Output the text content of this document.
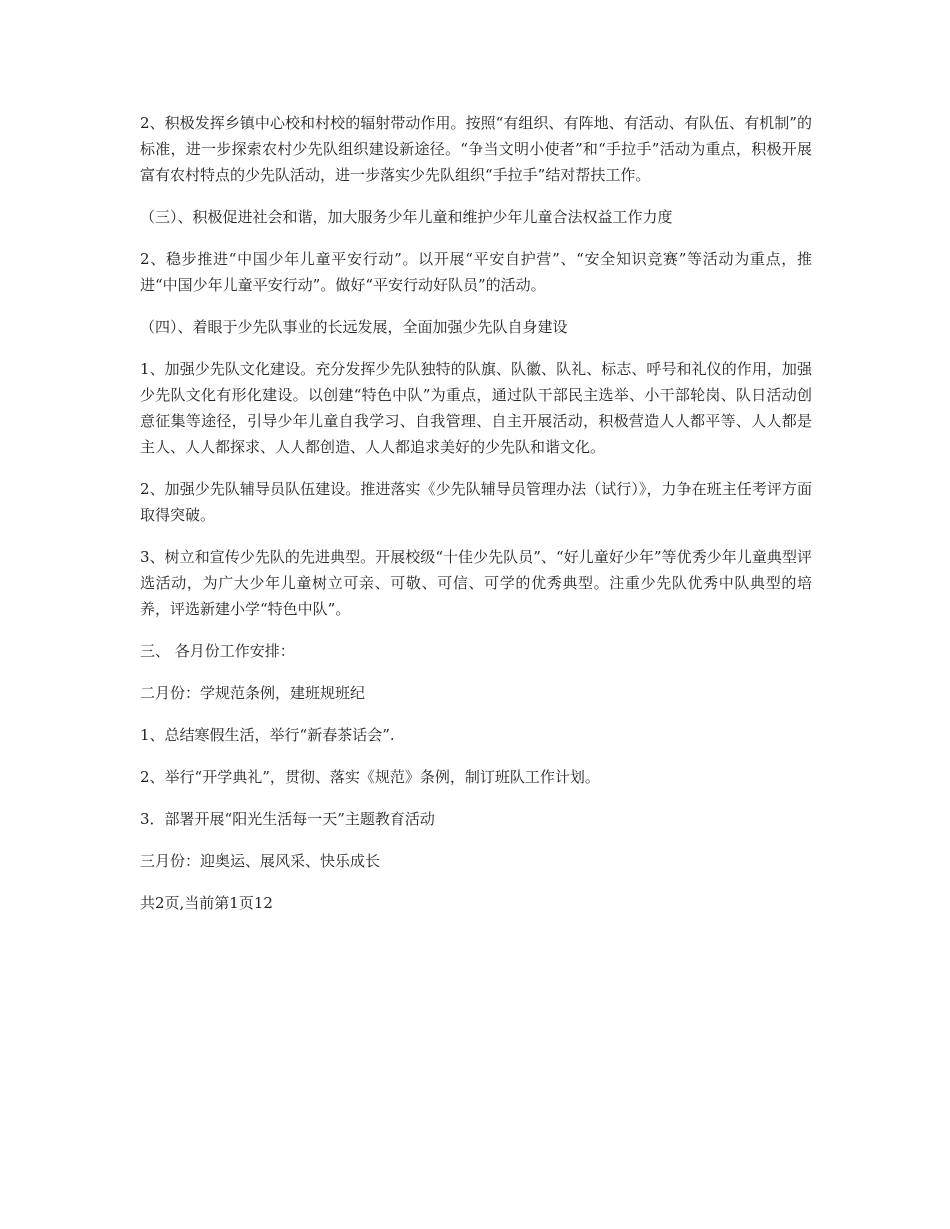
2、积极发挥乡镇中心校和村校的辐射带动作用。按照“有组织、有阵地、有活动、有队伍、有机制”的标准，进一步探索农村少先队组织建设新途径。“争当文明小使者”和“手拉手”活动为重点，积极开展富有农村特点的少先队活动，进一步落实少先队组织“手拉手”结对帮扶工作。

（三）、积极促进社会和谐，加大服务少年儿童和维护少年儿童合法权益工作力度

2、稳步推进“中国少年儿童平安行动”。以开展“平安自护营”、“安全知识竞赛”等活动为重点，推进“中国少年儿童平安行动”。做好“平安行动好队员”的活动。

（四）、着眼于少先队事业的长远发展，全面加强少先队自身建设

1、加强少先队文化建设。充分发挥少先队独特的队旗、队徽、队礼、标志、呼号和礼仪的作用，加强少先队文化有形化建设。以创建“特色中队”为重点，通过队干部民主选举、小干部轮岗、队日活动创意征集等途径，引导少年儿童自我学习、自我管理、自主开展活动，积极营造人人都平等、人人都是主人、人人都探求、人人都创造、人人都追求美好的少先队和谐文化。

2、加强少先队辅导员队伍建设。推进落实《少先队辅导员管理办法（试行）》，力争在班主任考评方面取得突破。

3、树立和宣传少先队的先进典型。开展校级“十佳少先队员”、“好儿童好少年”等优秀少年儿童典型评选活动，为广大少年儿童树立可亲、可敬、可信、可学的优秀典型。注重少先队优秀中队典型的培养，评选新建小学“特色中队”。

三、 各月份工作安排：

二月份：学规范条例，建班规班纪

1、总结寒假生活，举行“新春茶话会”.

2、举行“开学典礼”，贯彻、落实《规范》条例，制订班队工作计划。

3．部署开展“阳光生活每一天”主题教育活动

三月份：迎奥运、展风采、快乐成长

共2页,当前第1页12
